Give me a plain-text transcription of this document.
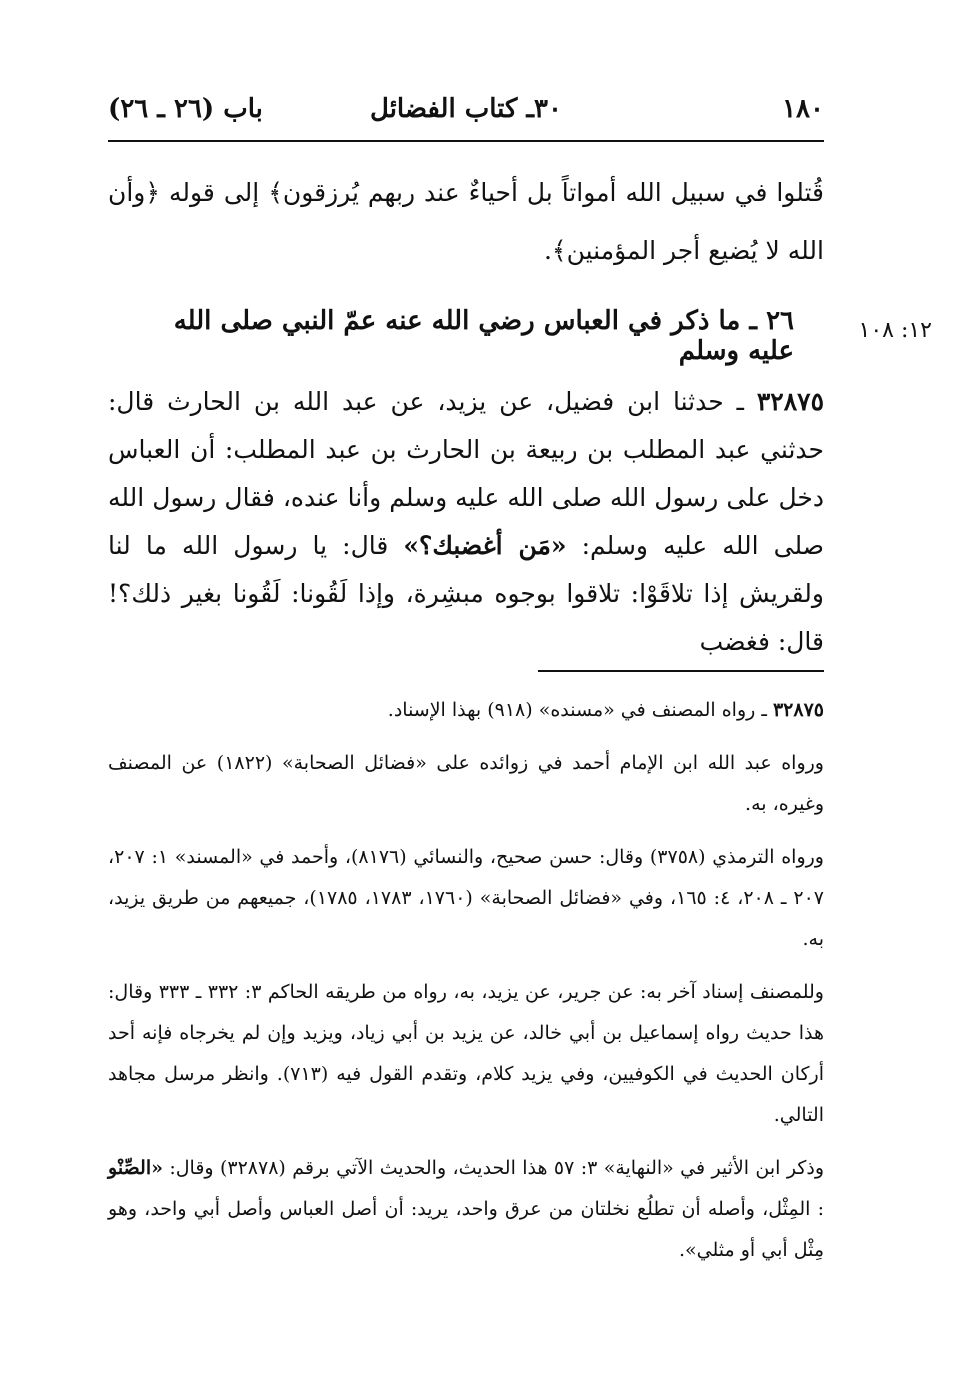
١٨٠
٣٠ـ كتاب الفضائل
باب (٢٦ ـ ٢٦)
قُتلوا في سبيل الله أمواتاً بل أحياءٌ عند ربهم يُرزقون﴾ إلى قوله ﴿وأن الله لا يُضيع أجر المؤمنين﴾.
١٢: ١٠٨
٢٦ ـ ما ذكر في العباس رضي الله عنه عمّ النبي صلى الله عليه وسلم
٣٢٨٧٥ ـ حدثنا ابن فضيل، عن يزيد، عن عبد الله بن الحارث قال: حدثني عبد المطلب بن ربيعة بن الحارث بن عبد المطلب: أن العباس دخل على رسول الله صلى الله عليه وسلم وأنا عنده، فقال رسول الله صلى الله عليه وسلم: «مَن أغضبك؟» قال: يا رسول الله ما لنا ولقريش إذا تلاقَوْا: تلاقوا بوجوه مبشِرة، وإذا لَقُونا: لَقُونا بغير ذلك؟! قال: فغضب

٣٢٨٧٥ ـ رواه المصنف في «مسنده» (٩١٨) بهذا الإسناد.

ورواه عبد الله ابن الإمام أحمد في زوائده على «فضائل الصحابة» (١٨٢٢) عن المصنف وغيره، به.

ورواه الترمذي (٣٧٥٨) وقال: حسن صحيح، والنسائي (٨١٧٦)، وأحمد في «المسند» ١: ٢٠٧، ٢٠٧ ـ ٢٠٨، ٤: ١٦٥، وفي «فضائل الصحابة» (١٧٦٠، ١٧٨٣، ١٧٨٥)، جميعهم من طريق يزيد، به.

وللمصنف إسناد آخر به: عن جرير، عن يزيد، به، رواه من طريقه الحاكم ٣: ٣٣٢ ـ ٣٣٣ وقال: هذا حديث رواه إسماعيل بن أبي خالد، عن يزيد بن أبي زياد، ويزيد وإن لم يخرجاه فإنه أحد أركان الحديث في الكوفيين، وفي يزيد كلام، وتقدم القول فيه (٧١٣). وانظر مرسل مجاهد التالي.

وذكر ابن الأثير في «النهاية» ٣: ٥٧ هذا الحديث، والحديث الآتي برقم (٣٢٨٧٨) وقال: «الصِّنْو : المِثْل، وأصله أن تطلُع نخلتان من عرق واحد، يريد: أن أصل العباس وأصل أبي واحد، وهو مِثْل أبي أو مثلي».
